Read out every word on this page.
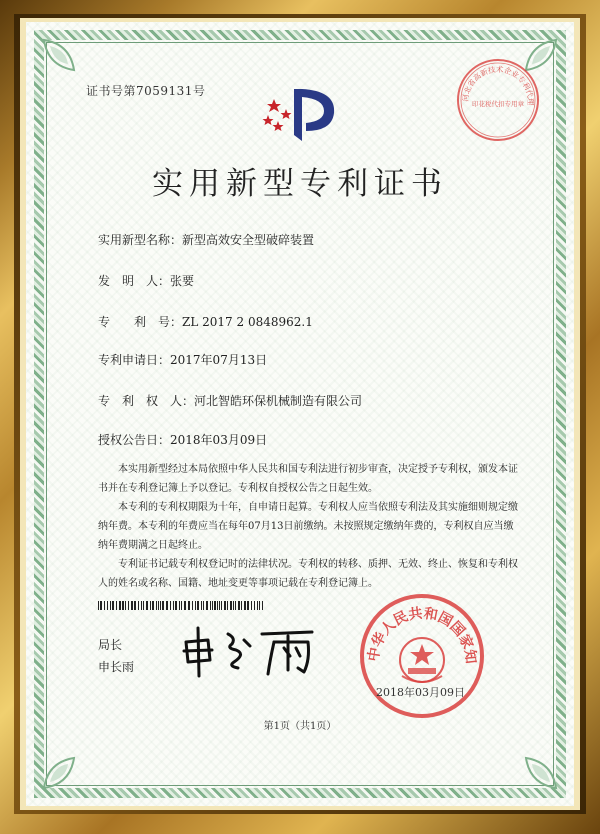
证书号第7059131号
实用新型专利证书
河北省高新技术企业专利代理
印花税代扣专用章
实用新型名称：新型高效安全型破碎装置
发　明　人：张要
专　　利　号：ZL 2017 2 0848962.1
专利申请日：2017年07月13日
专　利　权　人：河北智皓环保机械制造有限公司
授权公告日：2018年03月09日

本实用新型经过本局依照中华人民共和国专利法进行初步审查，决定授予专利权，颁发本证书并在专利登记簿上予以登记。专利权自授权公告之日起生效。

本专利的专利权期限为十年，自申请日起算。专利权人应当依照专利法及其实施细则规定缴纳年费。本专利的年费应当在每年07月13日前缴纳。未按照规定缴纳年费的，专利权自应当缴纳年费期满之日起终止。

专利证书记载专利权登记时的法律状况。专利权的转移、质押、无效、终止、恢复和专利权人的姓名或名称、国籍、地址变更等事项记载在专利登记簿上。

局长
申长雨
中华人民共和国国家知
2018年03月09日
第1页（共1页）
